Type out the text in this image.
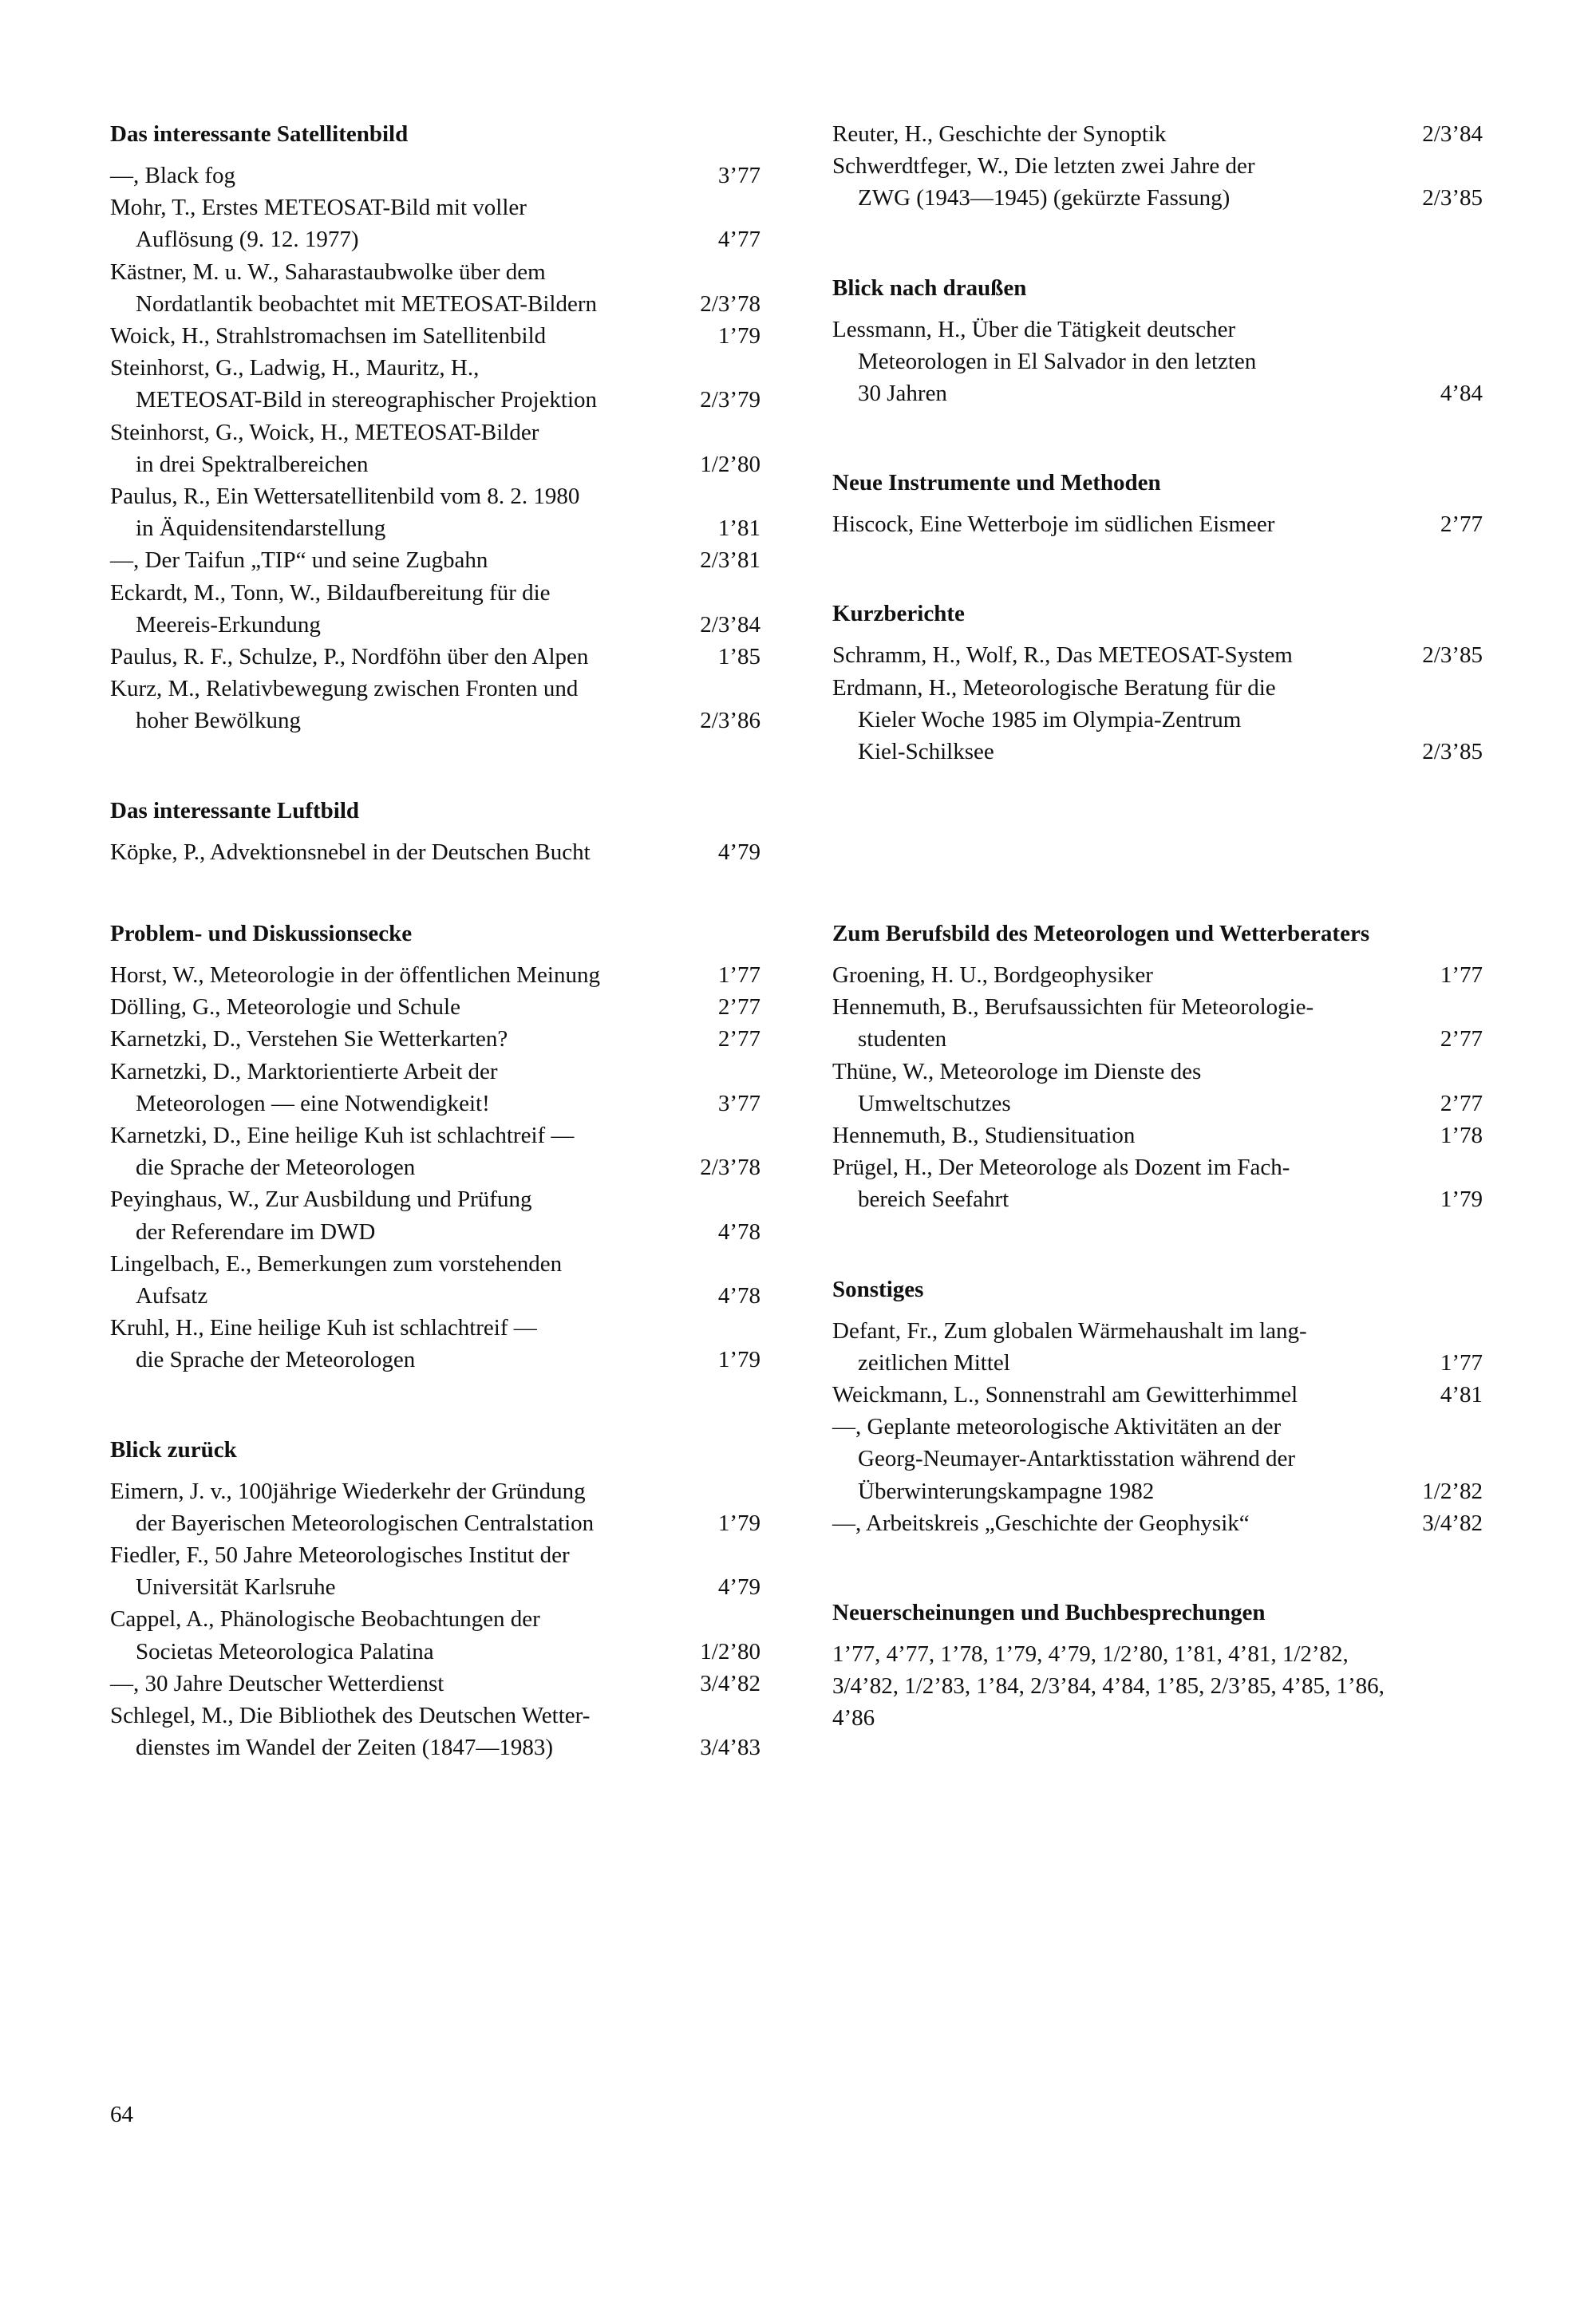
Das interessante Satellitenbild
—, Black fog	3’77
Mohr, T., Erstes METEOSAT-Bild mit voller
Auflösung (9. 12. 1977)	4’77
Kästner, M. u. W., Saharastaubwolke über dem
Nordatlantik beobachtet mit METEOSAT-Bildern	2/3’78
Woick, H., Strahlstromachsen im Satellitenbild	1’79
Steinhorst, G., Ladwig, H., Mauritz, H.,
METEOSAT-Bild in stereographischer Projektion	2/3’79
Steinhorst, G., Woick, H., METEOSAT-Bilder
in drei Spektralbereichen	1/2’80
Paulus, R., Ein Wettersatellitenbild vom 8. 2. 1980
in Äquidensitendarstellung	1’81
—, Der Taifun „TIP“ und seine Zugbahn	2/3’81
Eckardt, M., Tonn, W., Bildaufbereitung für die
Meereis-Erkundung	2/3’84
Paulus, R. F., Schulze, P., Nordföhn über den Alpen	1’85
Kurz, M., Relativbewegung zwischen Fronten und
hoher Bewölkung	2/3’86
Das interessante Luftbild
Köpke, P., Advektionsnebel in der Deutschen Bucht	4’79
Reuter, H., Geschichte der Synoptik	2/3’84
Schwerdtfeger, W., Die letzten zwei Jahre der
ZWG (1943—1945) (gekürzte Fassung)	2/3’85
Blick nach draußen
Lessmann, H., Über die Tätigkeit deutscher
Meteorologen in El Salvador in den letzten
30 Jahren	4’84
Neue Instrumente und Methoden
Hiscock, Eine Wetterboje im südlichen Eismeer	2’77
Kurzberichte
Schramm, H., Wolf, R., Das METEOSAT-System	2/3’85
Erdmann, H., Meteorologische Beratung für die
Kieler Woche 1985 im Olympia-Zentrum
Kiel-Schilksee	2/3’85
Problem- und Diskussionsecke
Horst, W., Meteorologie in der öffentlichen Meinung	1’77
Dölling, G., Meteorologie und Schule	2’77
Karnetzki, D., Verstehen Sie Wetterkarten?	2’77
Karnetzki, D., Marktorientierte Arbeit der
Meteorologen — eine Notwendigkeit!	3’77
Karnetzki, D., Eine heilige Kuh ist schlachtreif —
die Sprache der Meteorologen	2/3’78
Peyinghaus, W., Zur Ausbildung und Prüfung
der Referendare im DWD	4’78
Lingelbach, E., Bemerkungen zum vorstehenden
Aufsatz	4’78
Kruhl, H., Eine heilige Kuh ist schlachtreif —
die Sprache der Meteorologen	1’79
Blick zurück
Eimern, J. v., 100jährige Wiederkehr der Gründung
der Bayerischen Meteorologischen Centralstation	1’79
Fiedler, F., 50 Jahre Meteorologisches Institut der
Universität Karlsruhe	4’79
Cappel, A., Phänologische Beobachtungen der
Societas Meteorologica Palatina	1/2’80
—, 30 Jahre Deutscher Wetterdienst	3/4’82
Schlegel, M., Die Bibliothek des Deutschen Wetter-
dienstes im Wandel der Zeiten (1847—1983)	3/4’83
Zum Berufsbild des Meteorologen und Wetterberaters
Groening, H. U., Bordgeophysiker	1’77
Hennemuth, B., Berufsaussichten für Meteorologie-
studenten	2’77
Thüne, W., Meteorologe im Dienste des
Umweltschutzes	2’77
Hennemuth, B., Studiensituation	1’78
Prügel, H., Der Meteorologe als Dozent im Fach-
bereich Seefahrt	1’79
Sonstiges
Defant, Fr., Zum globalen Wärmehaushalt im lang-
zeitlichen Mittel	1’77
Weickmann, L., Sonnenstrahl am Gewitterhimmel	4’81
—, Geplante meteorologische Aktivitäten an der
Georg-Neumayer-Antarktisstation während der
Überwinterungskampagne 1982	1/2’82
—, Arbeitskreis „Geschichte der Geophysik“	3/4’82
Neuerscheinungen und Buchbesprechungen
1’77, 4’77, 1’78, 1’79, 4’79, 1/2’80, 1’81, 4’81, 1/2’82,
3/4’82, 1/2’83, 1’84, 2/3’84, 4’84, 1’85, 2/3’85, 4’85, 1’86,
4’86
64
